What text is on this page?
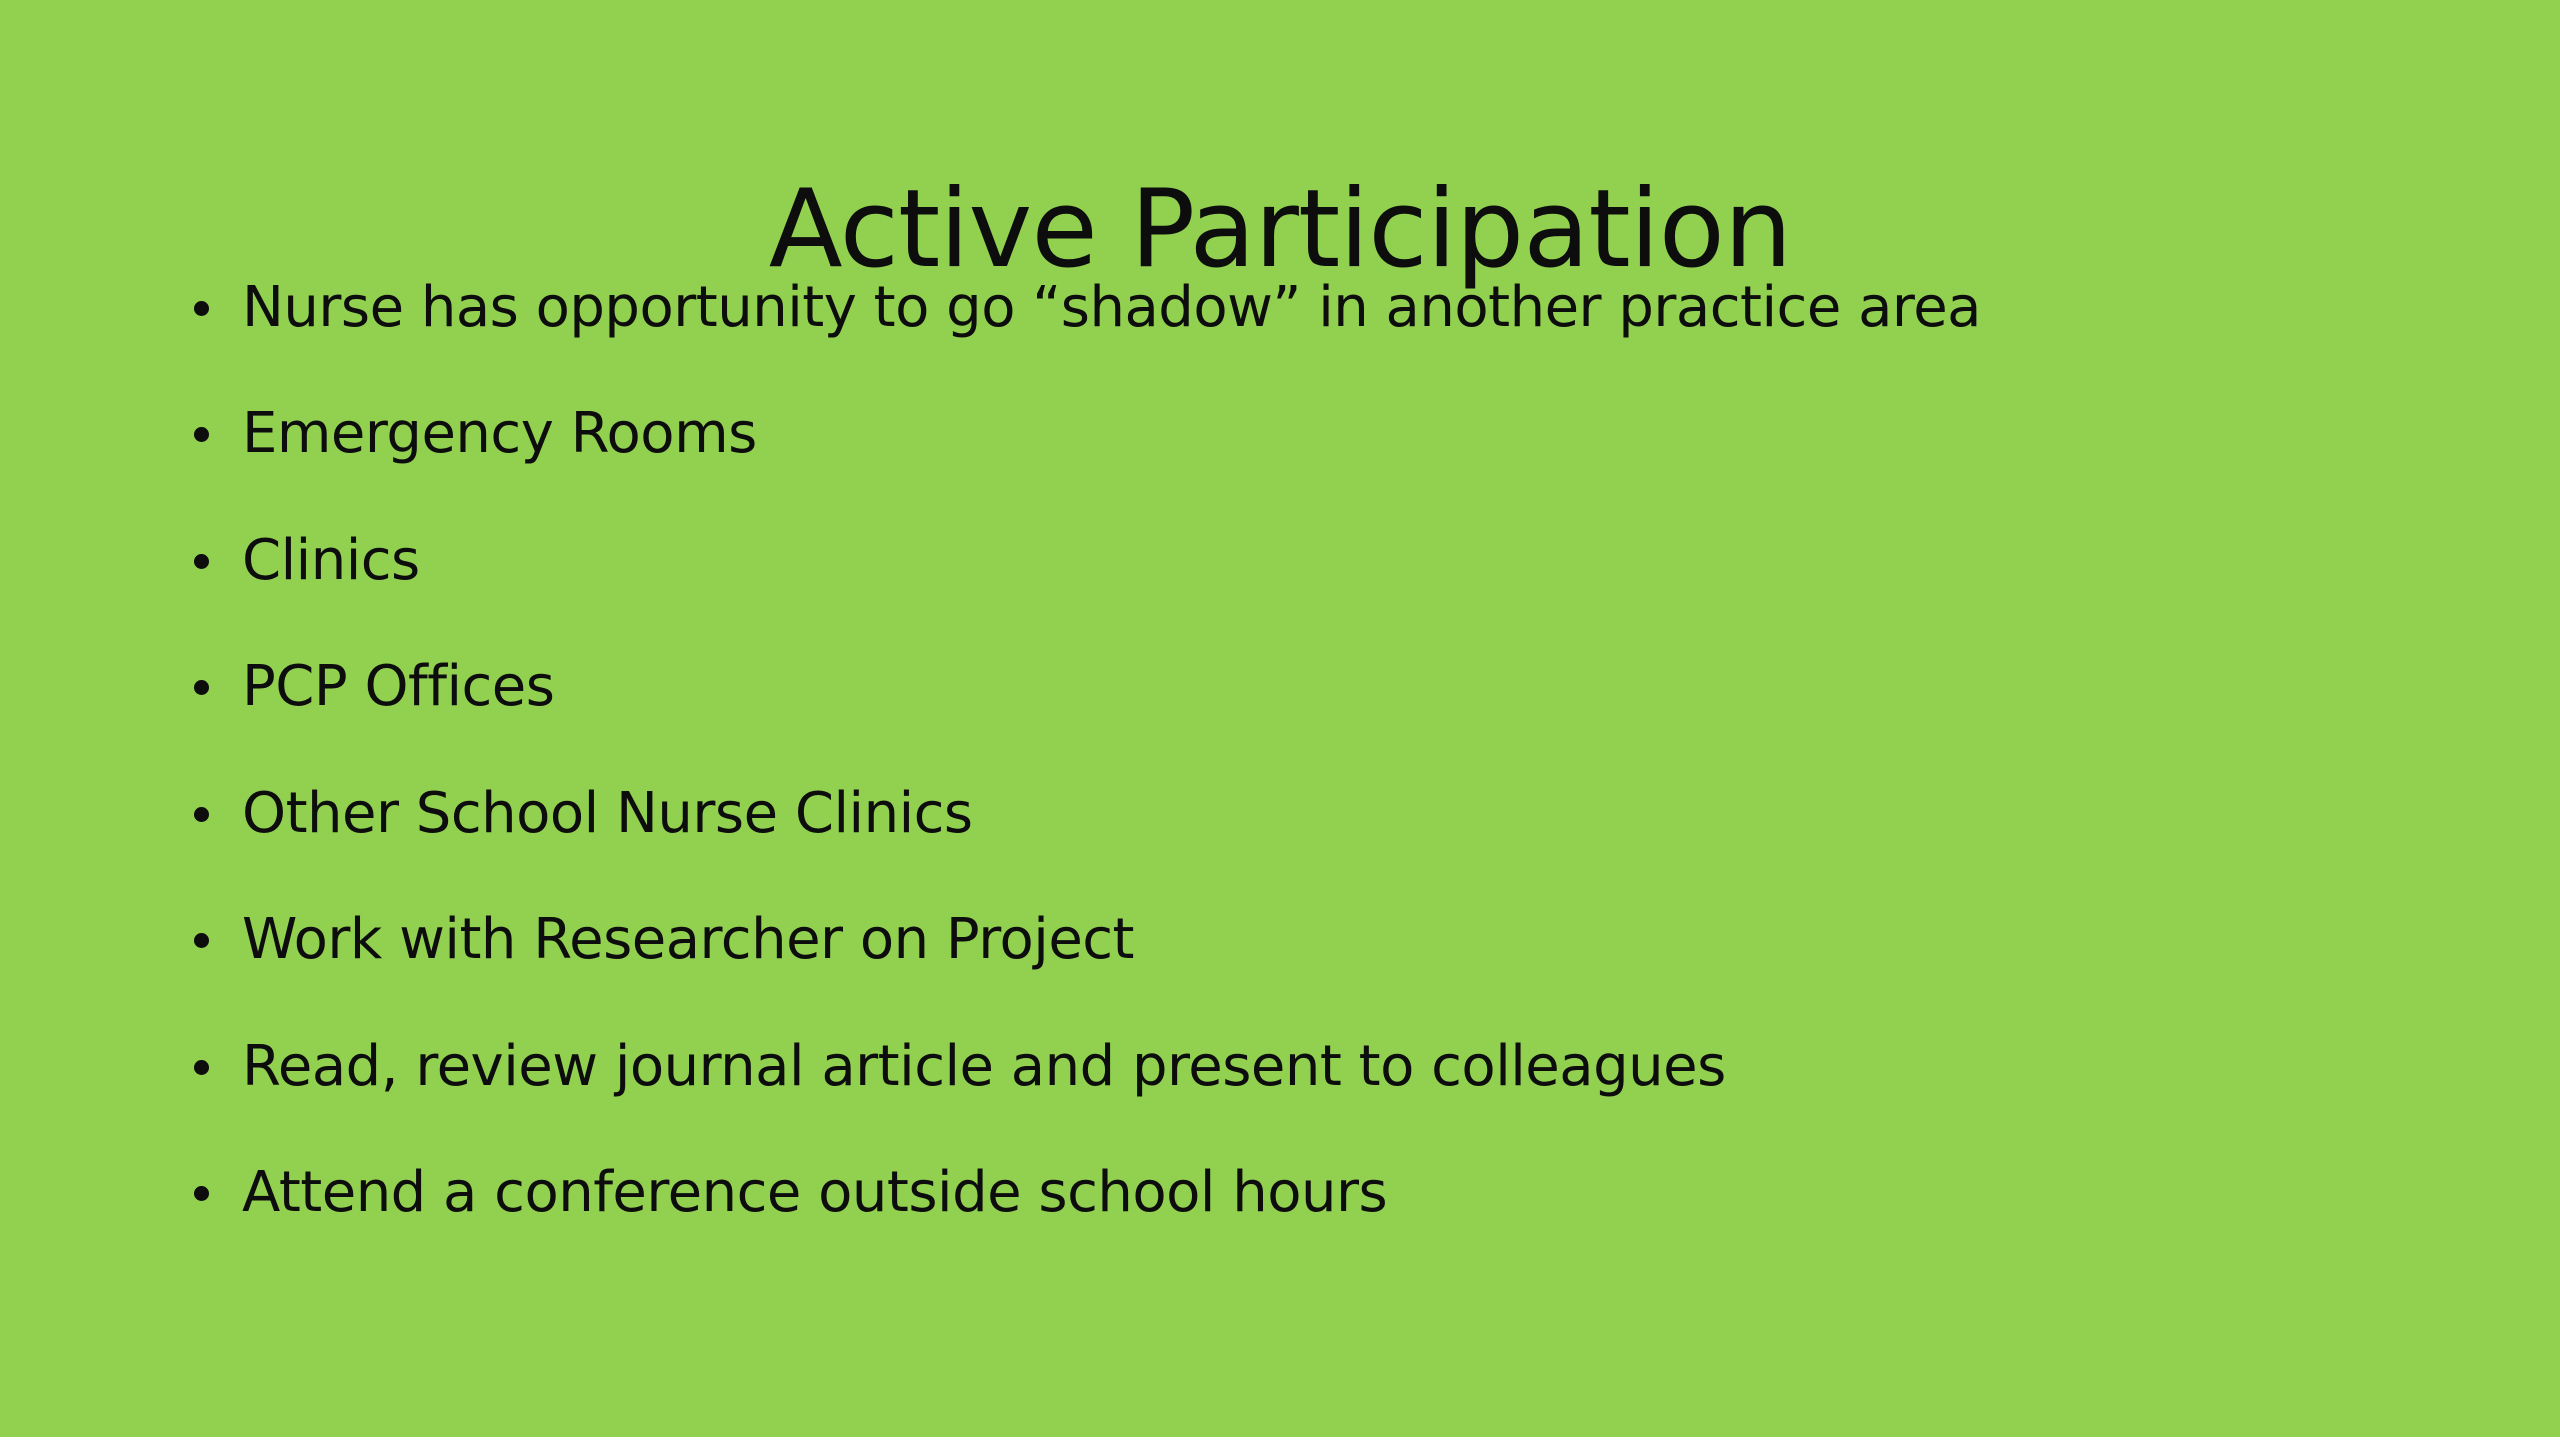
Active Participation
Nurse has opportunity to go “shadow” in another practice area
Emergency Rooms
Clinics
PCP Offices
Other School Nurse Clinics
Work with Researcher on Project
Read, review journal article and present to colleagues
Attend a conference outside school hours
